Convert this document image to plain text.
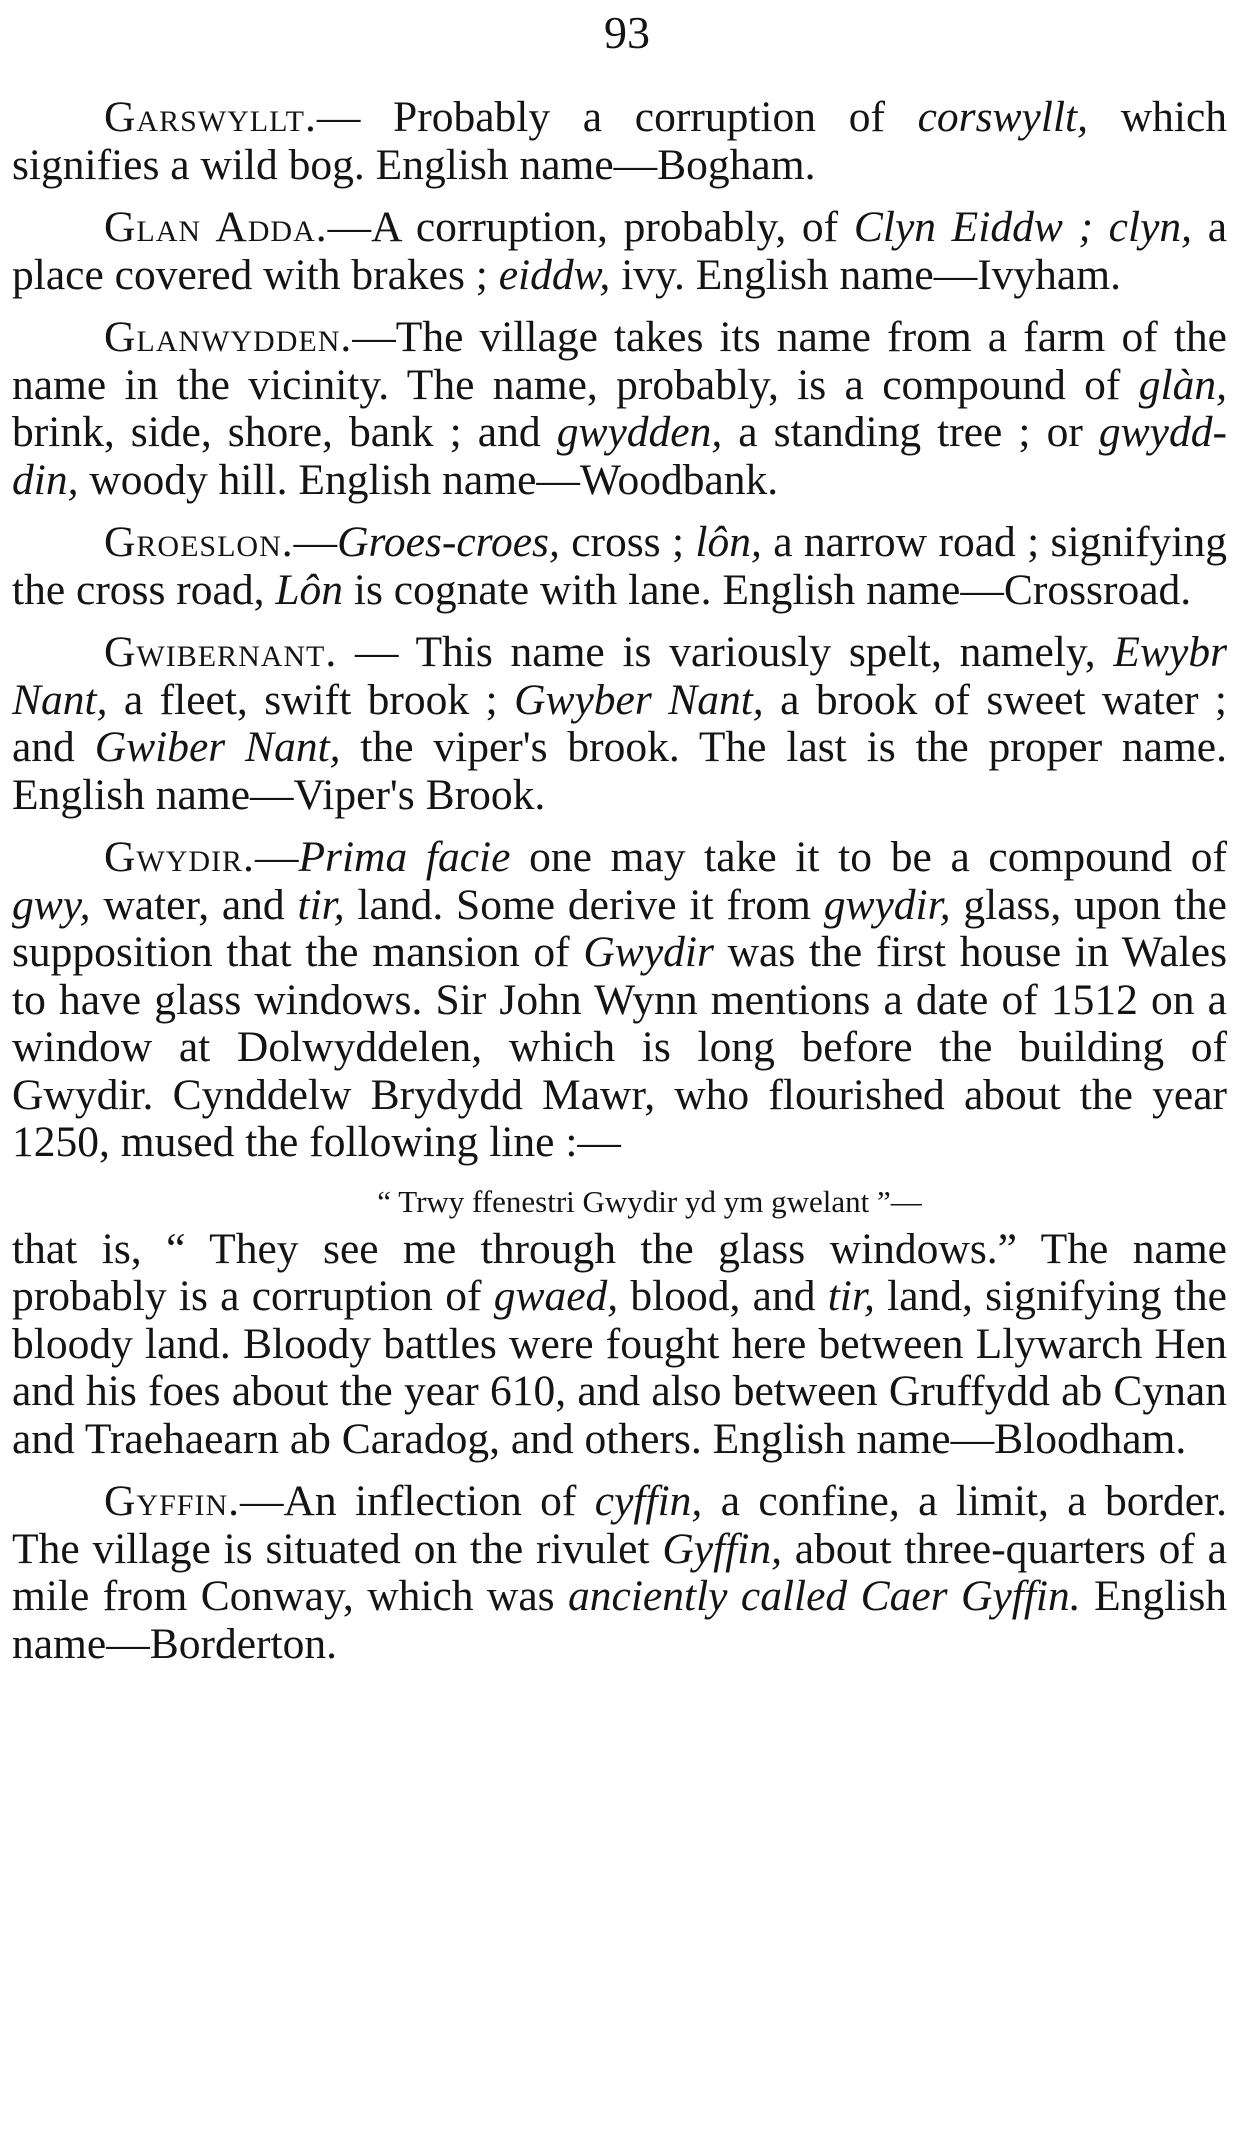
93

Garswyllt.— Probably a corruption of corswyllt, which signifies a wild bog. English name—Bogham.

Glan Adda.—A corruption, probably, of Clyn Eiddw ; clyn, a place covered with brakes ; eiddw, ivy. English name—Ivyham.

Glanwydden.—The village takes its name from a farm of the name in the vicinity. The name, probably, is a compound of glàn, brink, side, shore, bank ; and gwydden, a standing tree ; or gwydd-din, woody hill. English name—Woodbank.

Groeslon.—Groes-croes, cross ; lôn, a narrow road ; signifying the cross road, Lôn is cognate with lane. English name—Crossroad.

Gwibernant. — This name is variously spelt, namely, Ewybr Nant, a fleet, swift brook ; Gwyber Nant, a brook of sweet water ; and Gwiber Nant, the viper's brook. The last is the proper name. English name—Viper's Brook.

Gwydir.—Prima facie one may take it to be a compound of gwy, water, and tir, land. Some derive it from gwydir, glass, upon the supposition that the mansion of Gwydir was the first house in Wales to have glass windows. Sir John Wynn mentions a date of 1512 on a window at Dolwyddelen, which is long before the building of Gwydir. Cynddelw Brydydd Mawr, who flourished about the year 1250, mused the following line :—

“ Trwy ffenestri Gwydir yd ym gwelant ”—

that is, “ They see me through the glass windows.” The name probably is a corruption of gwaed, blood, and tir, land, signifying the bloody land. Bloody battles were fought here between Llywarch Hen and his foes about the year 610, and also between Gruffydd ab Cynan and Traehaearn ab Caradog, and others. English name—Bloodham.

Gyffin.—An inflection of cyffin, a confine, a limit, a border. The village is situated on the rivulet Gyffin, about three-quarters of a mile from Conway, which was anciently called Caer Gyffin. English name—Borderton.
